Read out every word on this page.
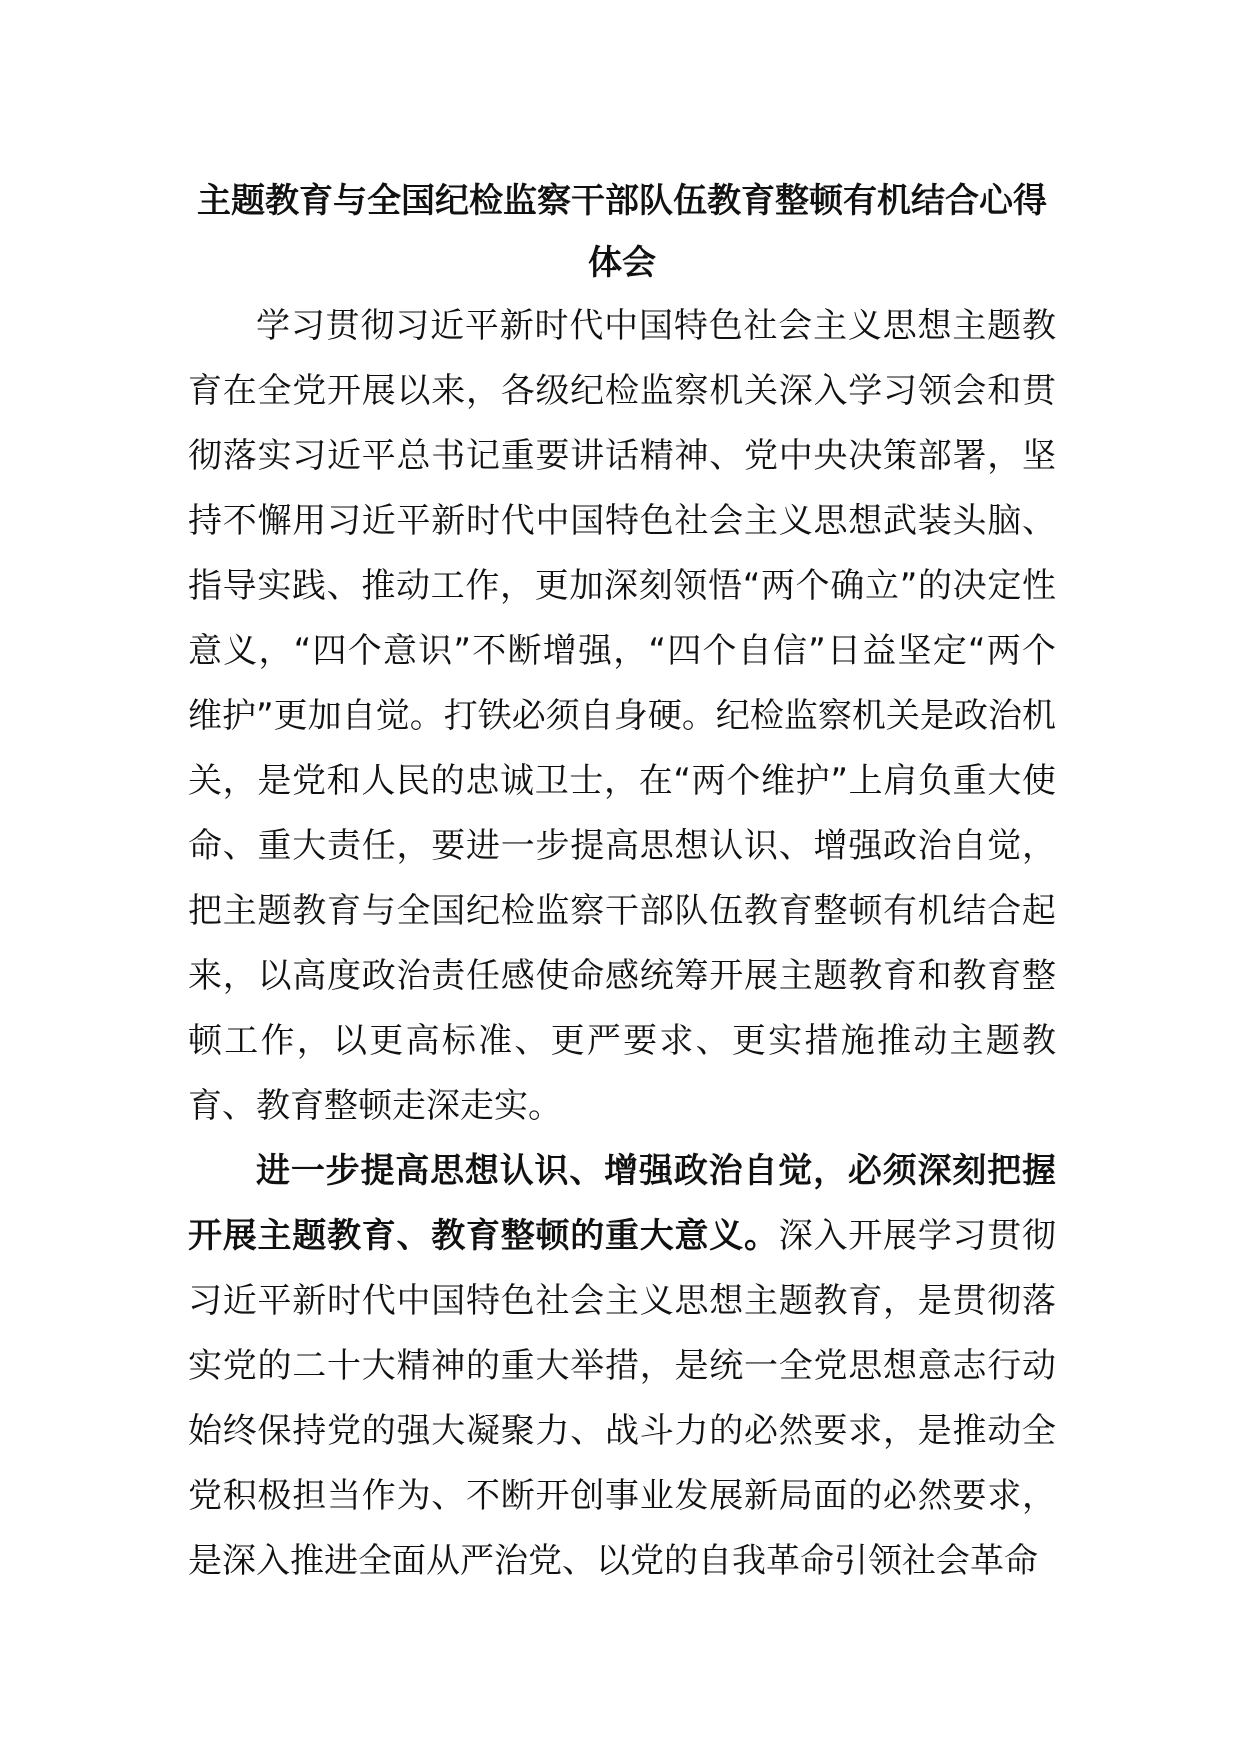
主题教育与全国纪检监察干部队伍教育整顿有机结合心得
体会

学习贯彻习近平新时代中国特色社会主义思想主题教育在全党开展以来，各级纪检监察机关深入学习领会和贯彻落实习近平总书记重要讲话精神、党中央决策部署，坚持不懈用习近平新时代中国特色社会主义思想武装头脑、指导实践、推动工作，更加深刻领悟“两个确立”的决定性意义，“四个意识”不断增强，“四个自信”日益坚定“两个维护”更加自觉。打铁必须自身硬。纪检监察机关是政治机关，是党和人民的忠诚卫士，在“两个维护”上肩负重大使命、重大责任，要进一步提高思想认识、增强政治自觉，把主题教育与全国纪检监察干部队伍教育整顿有机结合起来，以高度政治责任感使命感统筹开展主题教育和教育整顿工作，以更高标准、更严要求、更实措施推动主题教育、教育整顿走深走实。

进一步提高思想认识、增强政治自觉，必须深刻把握开展主题教育、教育整顿的重大意义。深入开展学习贯彻习近平新时代中国特色社会主义思想主题教育，是贯彻落实党的二十大精神的重大举措，是统一全党思想意志行动始终保持党的强大凝聚力、战斗力的必然要求，是推动全党积极担当作为、不断开创事业发展新局面的必然要求，是深入推进全面从严治党、以党的自我革命引领社会革命
